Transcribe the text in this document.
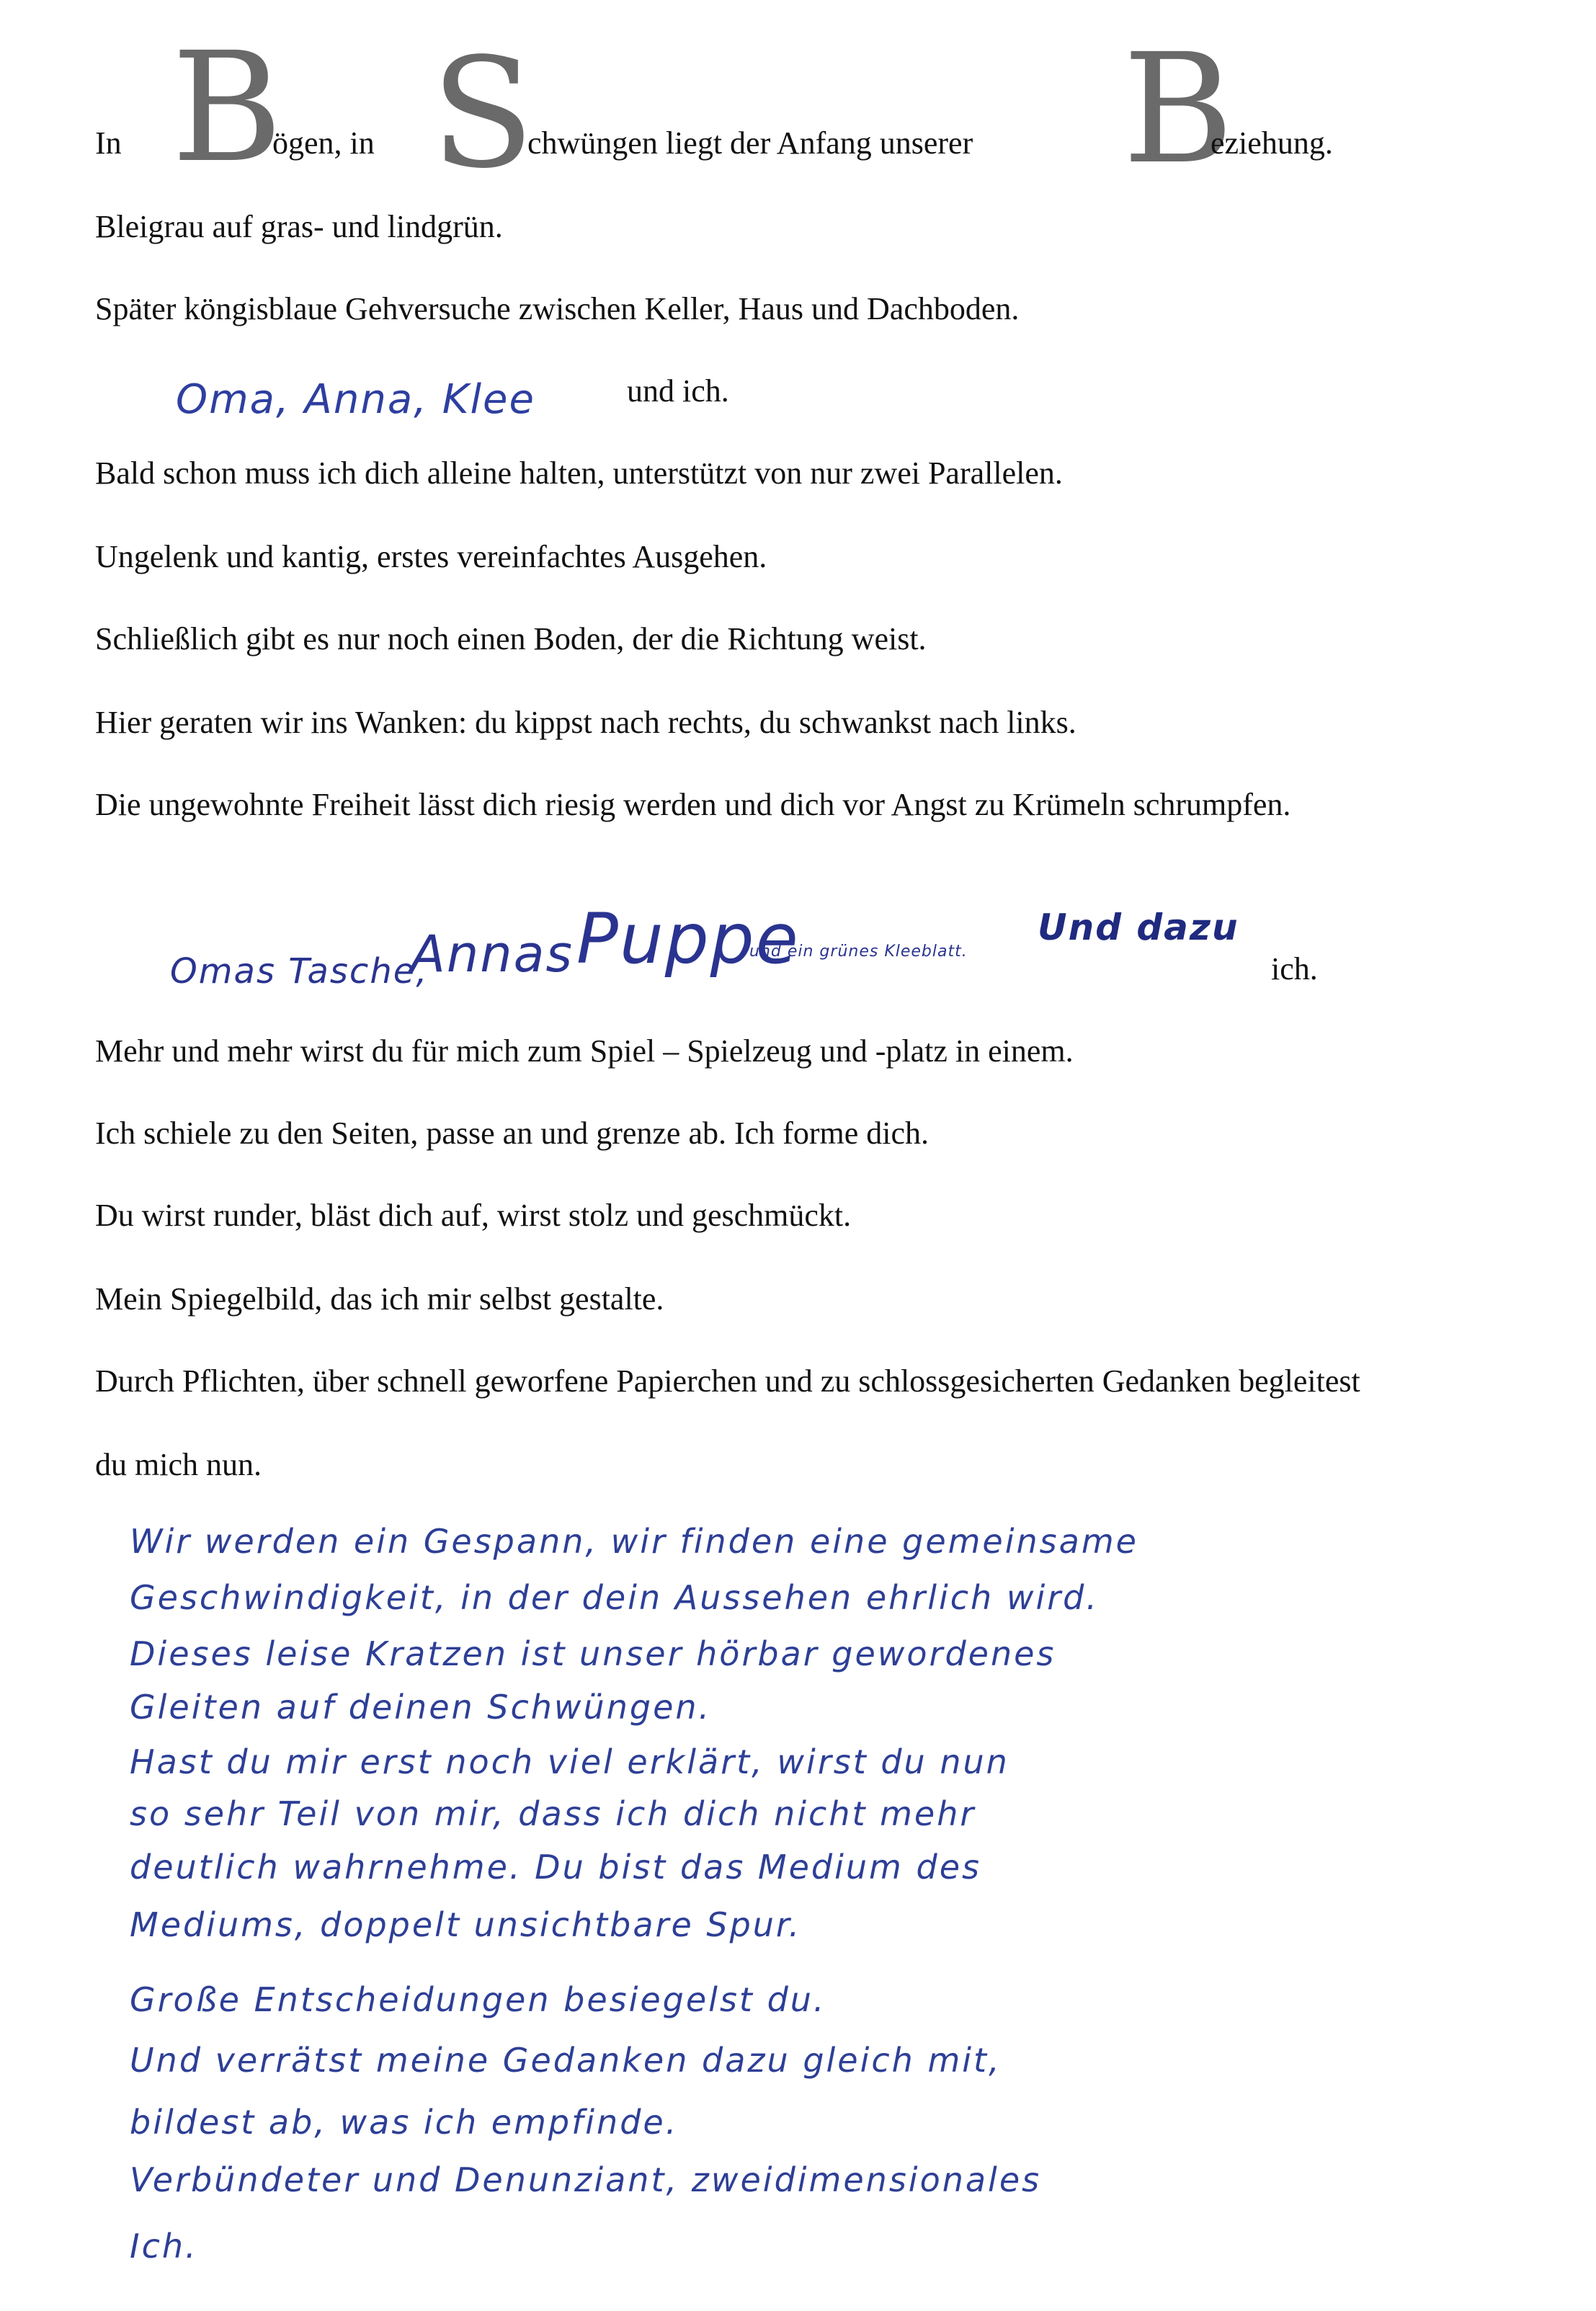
In B
ögen, in S
chwüngen liegt der Anfang unserer B
eziehung.
Bleigrau auf gras- und lindgrün.
Später köngisblaue Gehversuche zwischen Keller, Haus und Dachboden.
Oma, Anna, Klee	und ich.
Bald schon muss ich dich alleine halten, unterstützt von nur zwei Parallelen.
Ungelenk und kantig, erstes vereinfachtes Ausgehen.
Schließlich gibt es nur noch einen Boden, der die Richtung weist.
Hier geraten wir ins Wanken: du kippst nach rechts, du schwankst nach links.
Die ungewohnte Freiheit lässt dich riesig werden und dich vor Angst zu Krümeln schrumpfen.
Omas Tasche,
Annas Puppe
und ein grünes Kleeblatt.
Und dazu
ich.
Mehr und mehr wirst du für mich zum Spiel – Spielzeug und -platz in einem.
Ich schiele zu den Seiten, passe an und grenze ab. Ich forme dich.
Du wirst runder, bläst dich auf, wirst stolz und geschmückt.
Mein Spiegelbild, das ich mir selbst gestalte.
Durch Pflichten, über schnell geworfene Papierchen und zu schlossgesicherten Gedanken begleitest
du mich nun.
Wir werden ein Gespann, wir finden eine gemeinsame
Geschwindigkeit, in der dein Aussehen ehrlich wird.
Dieses leise Kratzen ist unser hörbar gewordenes
Gleiten auf deinen Schwüngen.
Hast du mir erst noch viel erklärt, wirst du nun
so sehr Teil von mir, dass ich dich nicht mehr
deutlich wahrnehme. Du bist das Medium des
Mediums, doppelt unsichtbare Spur.
Große Entscheidungen besiegelst du.
Und verrätst meine Gedanken dazu gleich mit,
bildest ab, was ich empfinde.
Verbündeter und Denunziant, zweidimensionales
Ich.
